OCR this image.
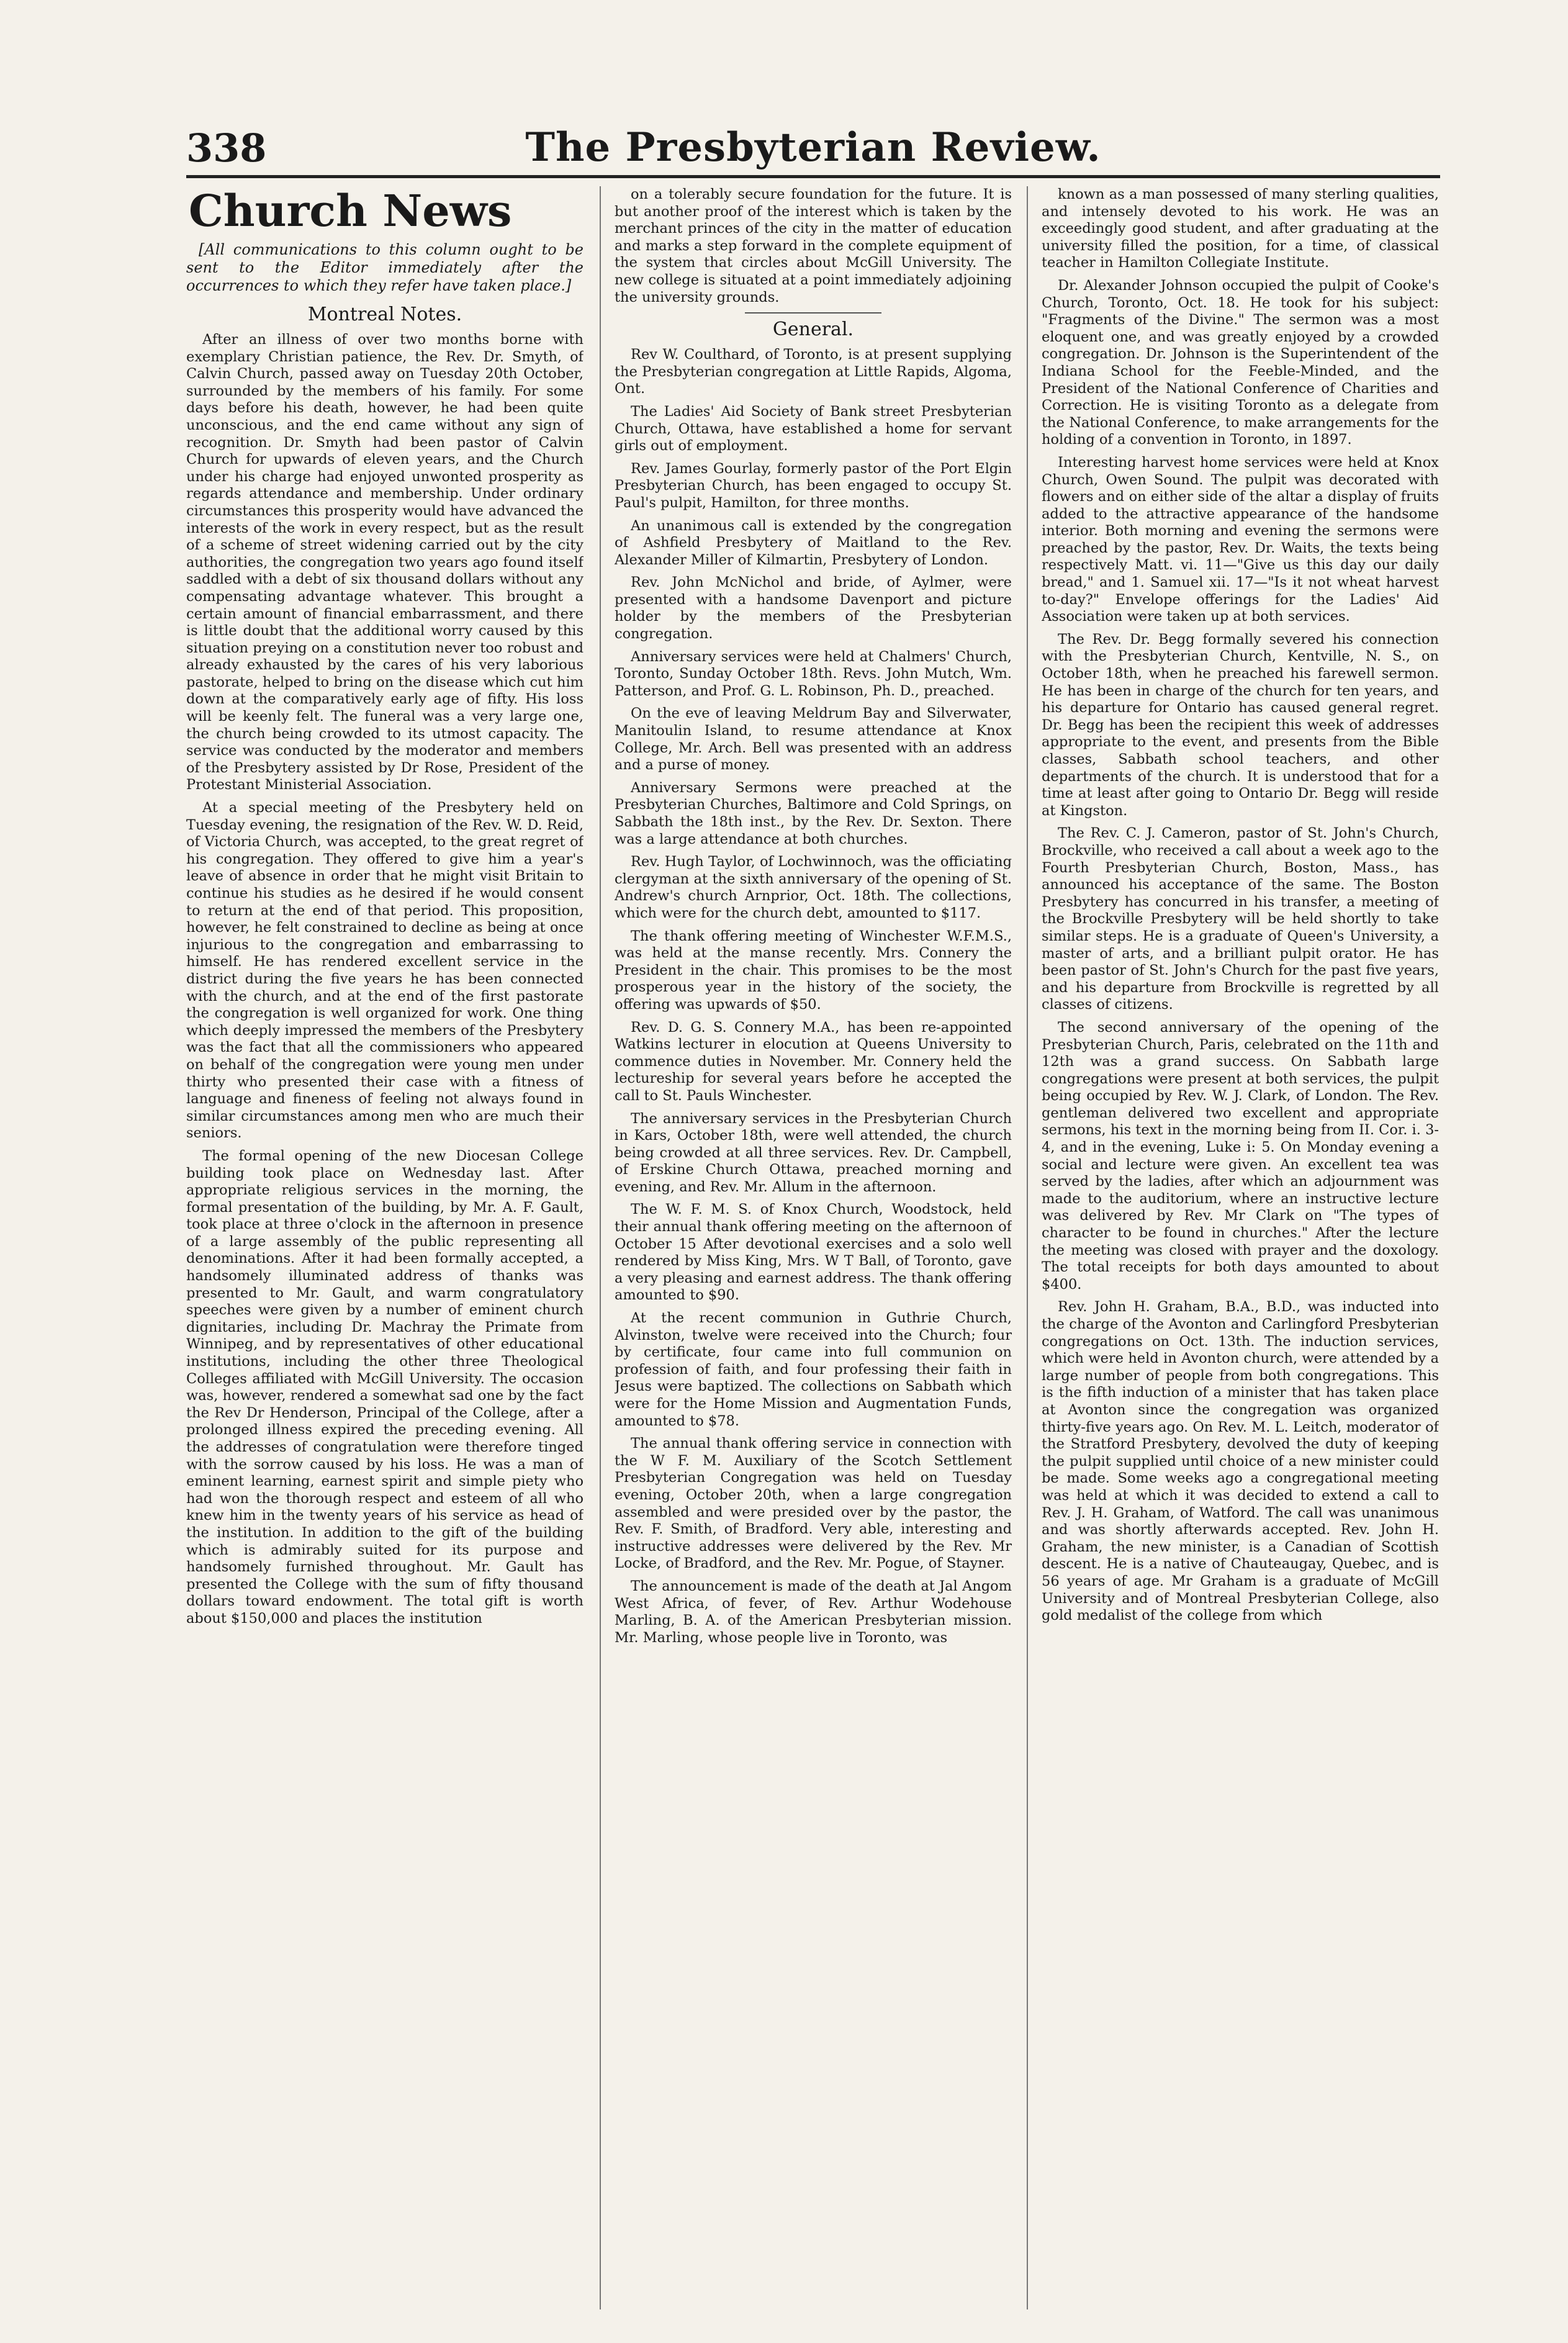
338	The Presbyterian Review.
Church News

[All communications to this column ought to be sent to the Editor immediately after the occurrences to which they refer have taken place.]

Montreal Notes.

After an illness of over two months borne with exemplary Christian patience, the Rev. Dr. Smyth, of Calvin Church, passed away on Tuesday 20th October, surrounded by the members of his family. For some days before his death, however, he had been quite unconscious, and the end came without any sign of recognition. Dr. Smyth had been pastor of Calvin Church for upwards of eleven years, and the Church under his charge had enjoyed unwonted prosperity as regards attendance and membership. Under ordinary circumstances this prosperity would have advanced the interests of the work in every respect, but as the result of a scheme of street widening carried out by the city authorities, the congregation two years ago found itself saddled with a debt of six thousand dollars without any compensating advantage whatever. This brought a certain amount of financial embarrassment, and there is little doubt that the additional worry caused by this situation preying on a constitution never too robust and already exhausted by the cares of his very laborious pastorate, helped to bring on the disease which cut him down at the comparatively early age of fifty. His loss will be keenly felt. The funeral was a very large one, the church being crowded to its utmost capacity. The service was conducted by the moderator and members of the Presbytery assisted by Dr Rose, President of the Protestant Ministerial Association.

At a special meeting of the Presbytery held on Tuesday evening, the resignation of the Rev. W. D. Reid, of Victoria Church, was accepted, to the great regret of his congregation. They offered to give him a year's leave of absence in order that he might visit Britain to continue his studies as he desired if he would consent to return at the end of that period. This proposition, however, he felt constrained to decline as being at once injurious to the congregation and embarrassing to himself. He has rendered excellent service in the district during the five years he has been connected with the church, and at the end of the first pastorate the congregation is well organized for work. One thing which deeply impressed the members of the Presbytery was the fact that all the commissioners who appeared on behalf of the congregation were young men under thirty who presented their case with a fitness of language and fineness of feeling not always found in similar circumstances among men who are much their seniors.

The formal opening of the new Diocesan College building took place on Wednesday last. After appropriate religious services in the morning, the formal presentation of the building, by Mr. A. F. Gault, took place at three o'clock in the afternoon in presence of a large assembly of the public representing all denominations. After it had been formally accepted, a handsomely illuminated address of thanks was presented to Mr. Gault, and warm congratulatory speeches were given by a number of eminent church dignitaries, including Dr. Machray the Primate from Winnipeg, and by representatives of other educational institutions, including the other three Theological Colleges affiliated with McGill University. The occasion was, however, rendered a somewhat sad one by the fact the Rev Dr Henderson, Principal of the College, after a prolonged illness expired the preceding evening. All the addresses of congratulation were therefore tinged with the sorrow caused by his loss. He was a man of eminent learning, earnest spirit and simple piety who had won the thorough respect and esteem of all who knew him in the twenty years of his service as head of the institution. In addition to the gift of the building which is admirably suited for its purpose and handsomely furnished throughout. Mr. Gault has presented the College with the sum of fifty thousand dollars toward endowment. The total gift is worth about $150,000 and places the institution

on a tolerably secure foundation for the future. It is but another proof of the interest which is taken by the merchant princes of the city in the matter of education and marks a step forward in the complete equipment of the system that circles about McGill University. The new college is situated at a point immediately adjoining the university grounds.

General.

Rev W. Coulthard, of Toronto, is at present supplying the Presbyterian congregation at Little Rapids, Algoma, Ont.

The Ladies' Aid Society of Bank street Presbyterian Church, Ottawa, have established a home for servant girls out of employment.

Rev. James Gourlay, formerly pastor of the Port Elgin Presbyterian Church, has been engaged to occupy St. Paul's pulpit, Hamilton, for three months.

An unanimous call is extended by the congregation of Ashfield Presbytery of Maitland to the Rev. Alexander Miller of Kilmartin, Presbytery of London.

Rev. John McNichol and bride, of Aylmer, were presented with a handsome Davenport and picture holder by the members of the Presbyterian congregation.

Anniversary services were held at Chalmers' Church, Toronto, Sunday October 18th. Revs. John Mutch, Wm. Patterson, and Prof. G. L. Robinson, Ph. D., preached.

On the eve of leaving Meldrum Bay and Silverwater, Manitoulin Island, to resume attendance at Knox College, Mr. Arch. Bell was presented with an address and a purse of money.

Anniversary Sermons were preached at the Presbyterian Churches, Baltimore and Cold Springs, on Sabbath the 18th inst., by the Rev. Dr. Sexton. There was a large attendance at both churches.

Rev. Hugh Taylor, of Lochwinnoch, was the officiating clergyman at the sixth anniversary of the opening of St. Andrew's church Arnprior, Oct. 18th. The collections, which were for the church debt, amounted to $117.

The thank offering meeting of Winchester W.F.M.S., was held at the manse recently. Mrs. Connery the President in the chair. This promises to be the most prosperous year in the history of the society, the offering was upwards of $50.

Rev. D. G. S. Connery M.A., has been re-appointed Watkins lecturer in elocution at Queens University to commence duties in November. Mr. Connery held the lectureship for several years before he accepted the call to St. Pauls Winchester.

The anniversary services in the Presbyterian Church in Kars, October 18th, were well attended, the church being crowded at all three services. Rev. Dr. Campbell, of Erskine Church Ottawa, preached morning and evening, and Rev. Mr. Allum in the afternoon.

The W. F. M. S. of Knox Church, Woodstock, held their annual thank offering meeting on the afternoon of October 15 After devotional exercises and a solo well rendered by Miss King, Mrs. W T Ball, of Toronto, gave a very pleasing and earnest address. The thank offering amounted to $90.

At the recent communion in Guthrie Church, Alvinston, twelve were received into the Church; four by certificate, four came into full communion on profession of faith, and four professing their faith in Jesus were baptized. The collections on Sabbath which were for the Home Mission and Augmentation Funds, amounted to $78.

The annual thank offering service in connection with the W F. M. Auxiliary of the Scotch Settlement Presbyterian Congregation was held on Tuesday evening, October 20th, when a large congregation assembled and were presided over by the pastor, the Rev. F. Smith, of Bradford. Very able, interesting and instructive addresses were delivered by the Rev. Mr Locke, of Bradford, and the Rev. Mr. Pogue, of Stayner.

The announcement is made of the death at Jal Angom West Africa, of fever, of Rev. Arthur Wodehouse Marling, B. A. of the American Presbyterian mission. Mr. Marling, whose people live in Toronto, was

known as a man possessed of many sterling qualities, and intensely devoted to his work. He was an exceedingly good student, and after graduating at the university filled the position, for a time, of classical teacher in Hamilton Collegiate Institute.

Dr. Alexander Johnson occupied the pulpit of Cooke's Church, Toronto, Oct. 18. He took for his subject: "Fragments of the Divine." The sermon was a most eloquent one, and was greatly enjoyed by a crowded congregation. Dr. Johnson is the Superintendent of the Indiana School for the Feeble-Minded, and the President of the National Conference of Charities and Correction. He is visiting Toronto as a delegate from the National Conference, to make arrangements for the holding of a convention in Toronto, in 1897.

Interesting harvest home services were held at Knox Church, Owen Sound. The pulpit was decorated with flowers and on either side of the altar a display of fruits added to the attractive appearance of the handsome interior. Both morning and evening the sermons were preached by the pastor, Rev. Dr. Waits, the texts being respectively Matt. vi. 11—"Give us this day our daily bread," and 1. Samuel xii. 17—"Is it not wheat harvest to-day?" Envelope offerings for the Ladies' Aid Association were taken up at both services.

The Rev. Dr. Begg formally severed his connection with the Presbyterian Church, Kentville, N. S., on October 18th, when he preached his farewell sermon. He has been in charge of the church for ten years, and his departure for Ontario has caused general regret. Dr. Begg has been the recipient this week of addresses appropriate to the event, and presents from the Bible classes, Sabbath school teachers, and other departments of the church. It is understood that for a time at least after going to Ontario Dr. Begg will reside at Kingston.

The Rev. C. J. Cameron, pastor of St. John's Church, Brockville, who received a call about a week ago to the Fourth Presbyterian Church, Boston, Mass., has announced his acceptance of the same. The Boston Presbytery has concurred in his transfer, a meeting of the Brockville Presbytery will be held shortly to take similar steps. He is a graduate of Queen's University, a master of arts, and a brilliant pulpit orator. He has been pastor of St. John's Church for the past five years, and his departure from Brockville is regretted by all classes of citizens.

The second anniversary of the opening of the Presbyterian Church, Paris, celebrated on the 11th and 12th was a grand success. On Sabbath large congregations were present at both services, the pulpit being occupied by Rev. W. J. Clark, of London. The Rev. gentleman delivered two excellent and appropriate sermons, his text in the morning being from II. Cor. i. 3-4, and in the evening, Luke i: 5. On Monday evening a social and lecture were given. An excellent tea was served by the ladies, after which an adjournment was made to the auditorium, where an instructive lecture was delivered by Rev. Mr Clark on "The types of character to be found in churches." After the lecture the meeting was closed with prayer and the doxology. The total receipts for both days amounted to about $400.

Rev. John H. Graham, B.A., B.D., was inducted into the charge of the Avonton and Carlingford Presbyterian congregations on Oct. 13th. The induction services, which were held in Avonton church, were attended by a large number of people from both congregations. This is the fifth induction of a minister that has taken place at Avonton since the congregation was organized thirty-five years ago. On Rev. M. L. Leitch, moderator of the Stratford Presbytery, devolved the duty of keeping the pulpit supplied until choice of a new minister could be made. Some weeks ago a congregational meeting was held at which it was decided to extend a call to Rev. J. H. Graham, of Watford. The call was unanimous and was shortly afterwards accepted. Rev. John H. Graham, the new minister, is a Canadian of Scottish descent. He is a native of Chauteaugay, Quebec, and is 56 years of age. Mr Graham is a graduate of McGill University and of Montreal Presbyterian College, also gold medalist of the college from which
